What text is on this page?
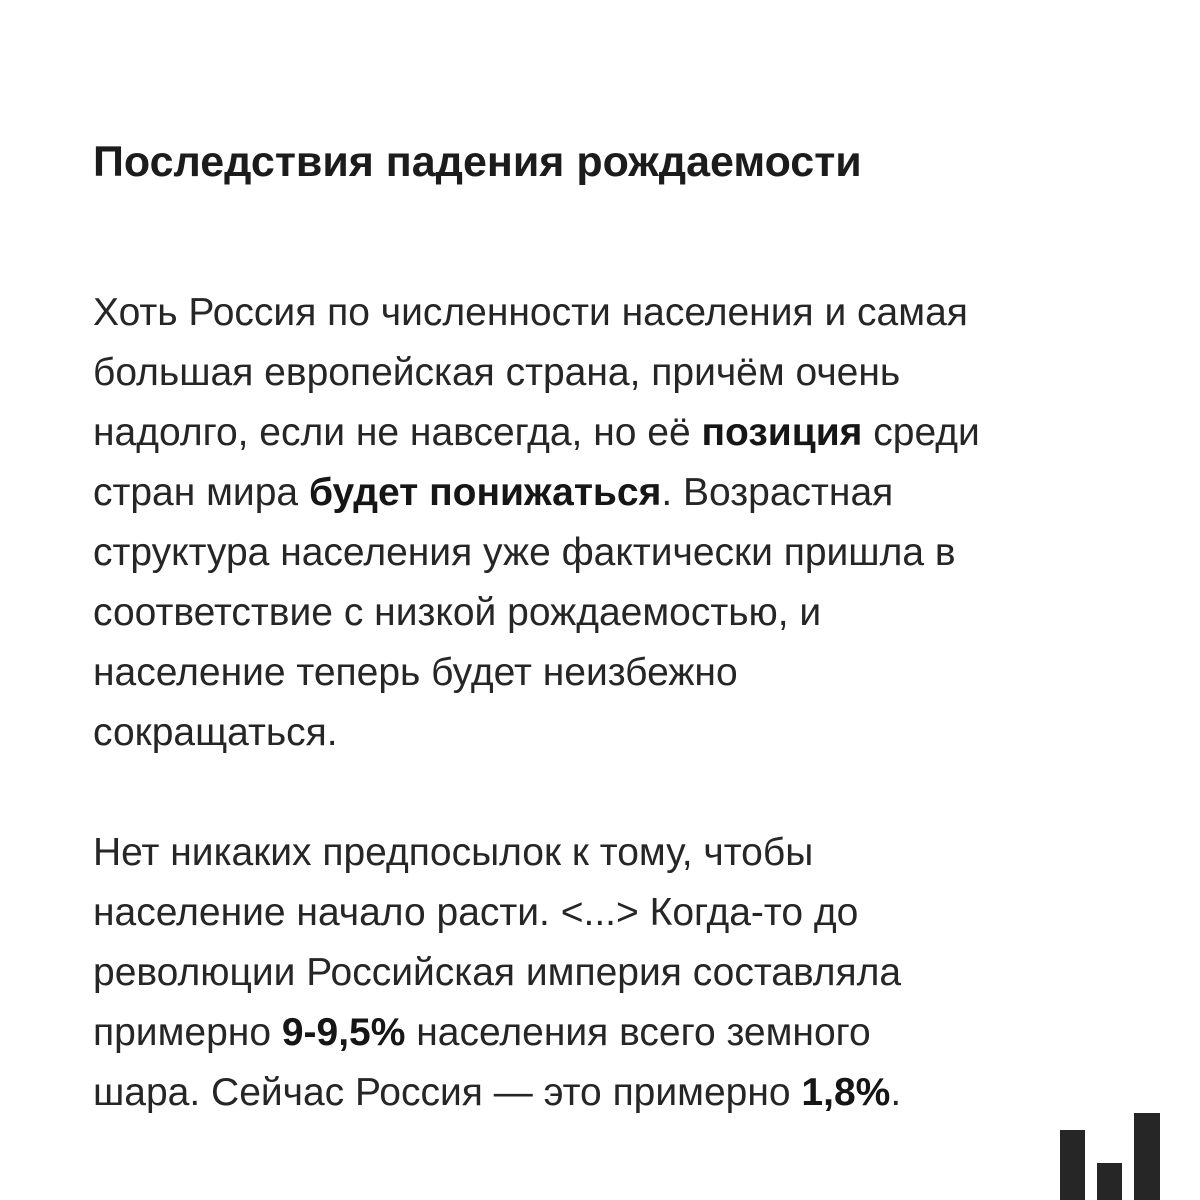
Последствия падения рождаемости

Хоть Россия по численности населения и самая
большая европейская страна, причём очень
надолго, если не навсегда, но её позиция среди
стран мира будет понижаться. Возрастная
структура населения уже фактически пришла в
соответствие с низкой рождаемостью, и
население теперь будет неизбежно
сокращаться.

Нет никаких предпосылок к тому, чтобы
население начало расти. <...> Когда-то до
революции Российская империя составляла
примерно 9-9,5% населения всего земного
шара. Сейчас Россия — это примерно 1,8%.
